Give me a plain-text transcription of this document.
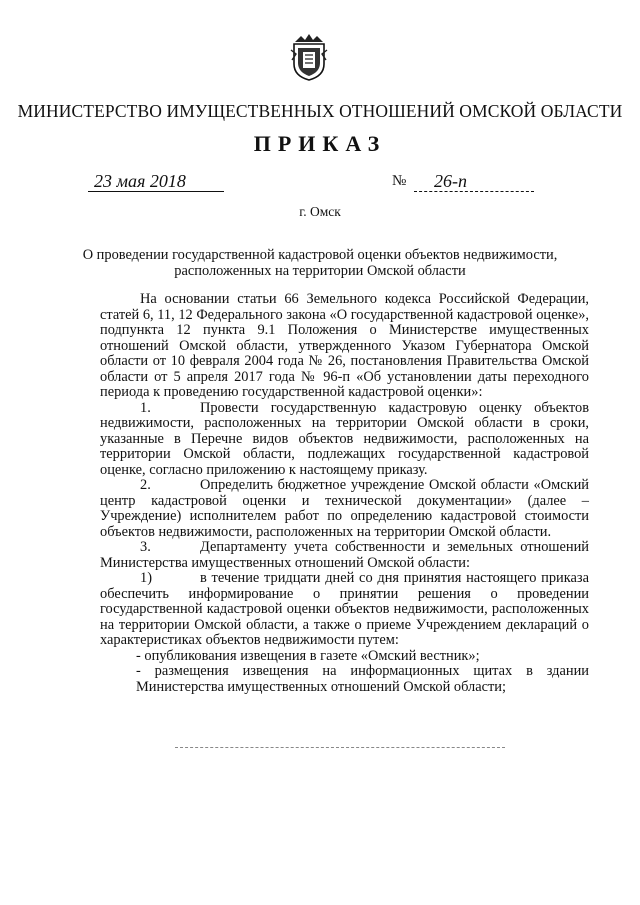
МИНИСТЕРСТВО ИМУЩЕСТВЕННЫХ ОТНОШЕНИЙ ОМСКОЙ ОБЛАСТИ
ПРИКАЗ
23 мая 2018	№	26-п
г. Омск
О проведении государственной кадастровой оценки объектов недвижимости,
расположенных на территории Омской области

На основании статьи 66 Земельного кодекса Российской Федерации, статей 6, 11, 12 Федерального закона «О государственной кадастровой оценке», подпункта 12 пункта 9.1 Положения о Министерстве имущественных отношений Омской области, утвержденного Указом Губернатора Омской области от 10 февраля 2004 года № 26, постановления Правительства Омской области от 5 апреля 2017 года № 96-п «Об установлении даты переходного периода к проведению государственной кадастровой оценки»:

1.	Провести государственную кадастровую оценку объектов недвижимости, расположенных на территории Омской области в сроки, указанные в Перечне видов объектов недвижимости, расположенных на территории Омской области, подлежащих государственной кадастровой оценке, согласно приложению к настоящему приказу.

2.	Определить бюджетное учреждение Омской области «Омский центр кадастровой оценки и технической документации» (далее – Учреждение) исполнителем работ по определению кадастровой стоимости объектов недвижимости, расположенных на территории Омской области.

3.	Департаменту учета собственности и земельных отношений Министерства имущественных отношений Омской области:

1)	в течение тридцати дней со дня принятия настоящего приказа обеспечить информирование о принятии решения о проведении государственной кадастровой оценки объектов недвижимости, расположенных на территории Омской области, а также о приеме Учреждением деклараций о характеристиках объектов недвижимости путем:

- опубликования извещения в газете «Омский вестник»;

- размещения извещения на информационных щитах в здании Министерства имущественных отношений Омской области;
